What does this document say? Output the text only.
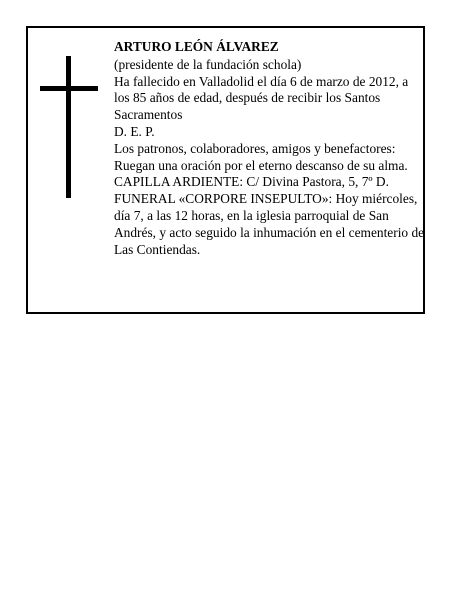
ARTURO LEÓN ÁLVAREZ

(presidente de la fundación schola)

Ha fallecido en Valladolid el día 6 de marzo de 2012, a los 85 años de edad, después de recibir los Santos Sacramentos

D. E. P.

Los patronos, colaboradores, amigos y benefactores: Ruegan una oración por el eterno descanso de su alma.

CAPILLA ARDIENTE: C/ Divina Pastora, 5, 7º D.

FUNERAL «CORPORE INSEPULTO»: Hoy miércoles, día 7, a las 12 horas, en la iglesia parroquial de San Andrés, y acto seguido la inhumación en el cementerio de Las Contiendas.
